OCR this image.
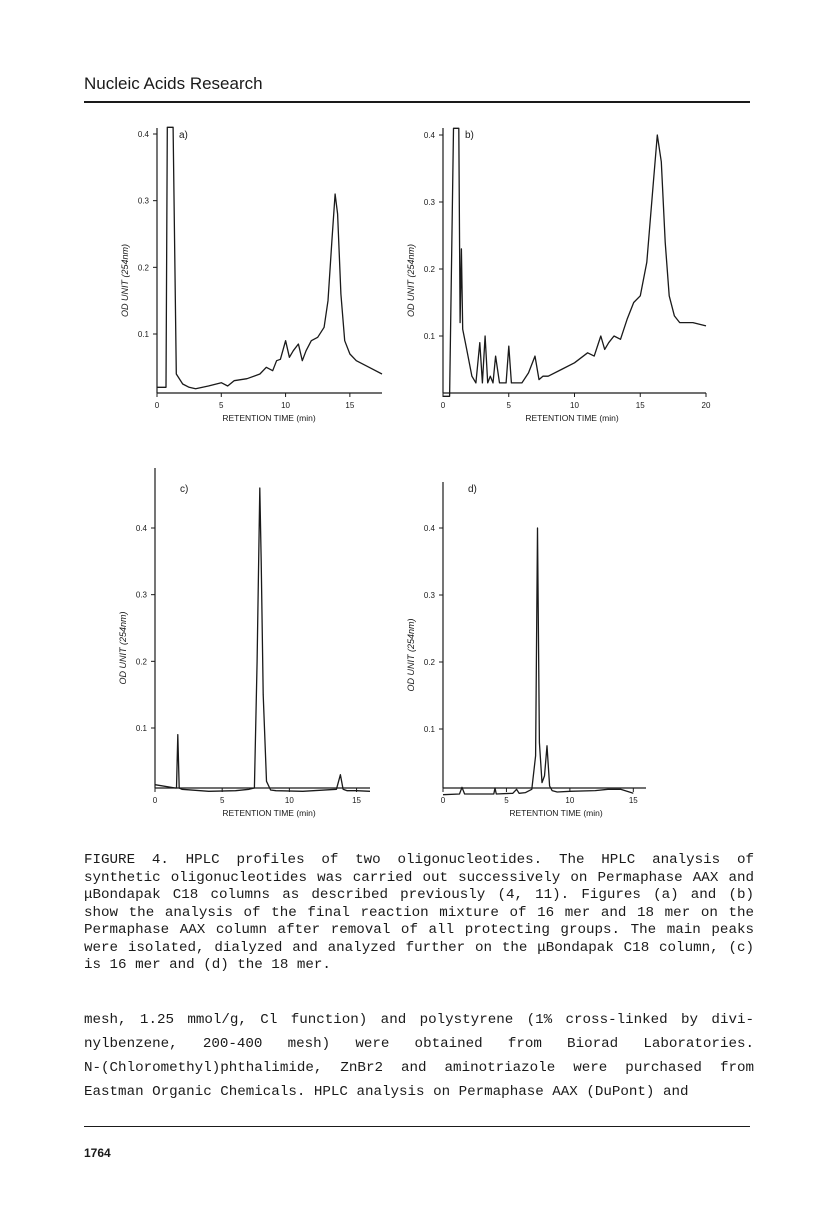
Nucleic Acids Research
0.1
0.2
0.3
0.4
0	5	10	15
RETENTION TIME (min)
OD UNIT (254nm)
a)
0.1
0.2
0.3
0.4
0	5	10	15	20
RETENTION TIME (min)
OD UNIT (254nm)
b)
0.1
0.2
0.3
0.4
0	5	10	15
RETENTION TIME (min)
OD UNIT (254nm)
c)
0.1
0.2
0.3
0.4
0	5	10	15
RETENTION TIME (min)
OD UNIT (254nm)
d)

FIGURE 4. HPLC profiles of two oligonucleotides. The HPLC analysis of
synthetic oligonucleotides was carried out successively on Permaphase AAX and
μBondapak C18 columns as described previously (4, 11). Figures (a) and (b)
show the analysis of the final reaction mixture of 16 mer and 18 mer on the
Permaphase AAX column after removal of all protecting groups. The main peaks
were isolated, dialyzed and analyzed further on the μBondapak C18 column, (c)
is 16 mer and (d) the 18 mer.

mesh, 1.25 mmol/g, Cl function) and polystyrene (1% cross-linked by divi-
nylbenzene, 200-400 mesh) were obtained from Biorad Laboratories.
N-(Chloromethyl)phthalimide, ZnBr2 and aminotriazole were purchased from
Eastman Organic Chemicals. HPLC analysis on Permaphase AAX (DuPont) and

1764
